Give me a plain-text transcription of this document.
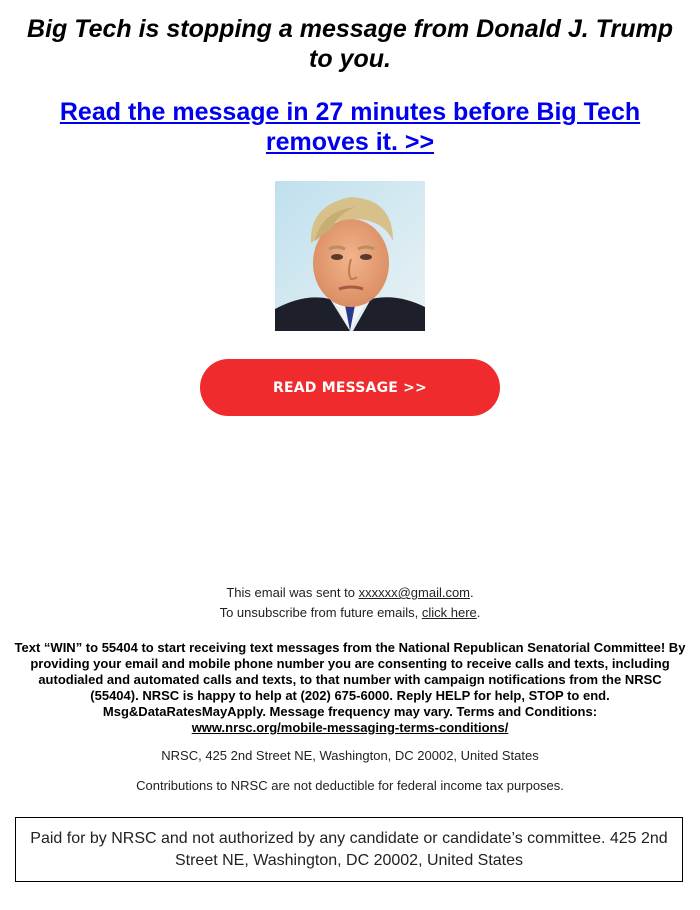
Big Tech is stopping a message from Donald J. Trump
to you.
Read the message in 27 minutes before Big Tech
removes it. >>
READ MESSAGE >>
This email was sent to xxxxxx@gmail.com.
To unsubscribe from future emails, click here.
Text “WIN” to 55404 to start receiving text messages from the National Republican Senatorial Committee! By providing your email and mobile phone number you are consenting to receive calls and texts, including autodialed and automated calls and texts, to that number with campaign notifications from the NRSC (55404). NRSC is happy to help at (202) 675-6000. Reply HELP for help, STOP to end. Msg&DataRatesMayApply. Message frequency may vary. Terms and Conditions:
www.nrsc.org/mobile-messaging-terms-conditions/
NRSC, 425 2nd Street NE, Washington, DC 20002, United States
Contributions to NRSC are not deductible for federal income tax purposes.
Paid for by NRSC and not authorized by any candidate or candidate’s committee. 425 2nd Street NE, Washington, DC 20002, United States
